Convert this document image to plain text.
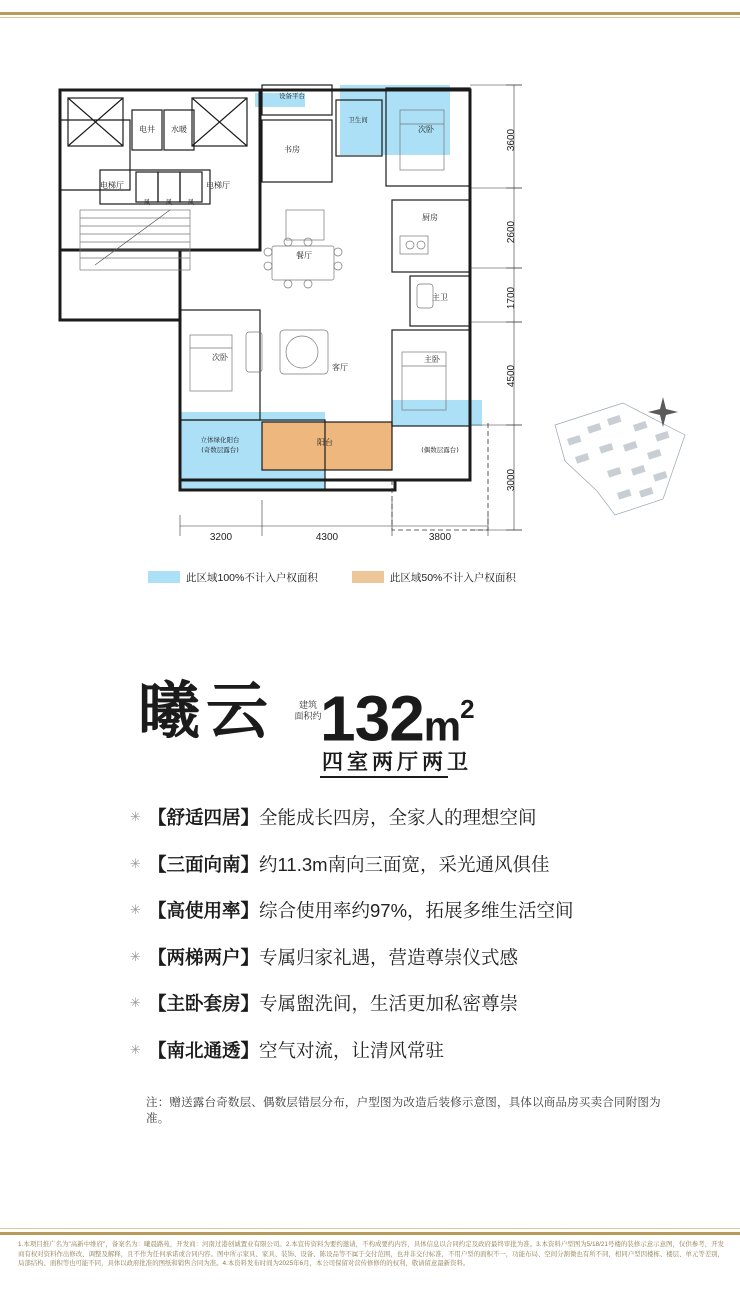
3600
2600
1700
4500
3000
3200	4300	3800
电井 水暖
电梯厅	电梯厅
风 风 风
设备平台
书房
卫生间
次卧
厨房
主卫
餐厅
次卧
客厅
主卧
阳台
立体绿化阳台
(奇数层露台)	(偶数层露台)
此区域100%不计入户权面积	此区域50%不计入户权面积
曦云	建筑
面积约
$132m^2$
四室两厅两卫
✳ 【舒适四居】全能成长四房，全家人的理想空间
✳ 【三面向南】约11.3m南向三面宽，采光通风俱佳
✳ 【高使用率】综合使用率约97%，拓展多维生活空间
✳ 【两梯两户】专属归家礼遇，营造尊崇仪式感
✳ 【主卧套房】专属盥洗间，生活更加私密尊崇
✳ 【南北通透】空气对流，让清风常驻
注：赠送露台奇数层、偶数层错层分布，户型图为改造后装修示意图，具体以商品房买卖合同附图为准。
1.本项目推广名为"高新中维府"，备案名为：曦晨路苑，开发商：河南过港创诚置业有限公司。2.本宣传资料为要约邀请，不构成要约内容，具体信息以合同约定及政府最终审批为准。3.本资料户型图为5/18/21号楼的装修示意示意图，仅供参考，开发商有权对资料作出修改、调整及解释，且不作为任何承诺或合同内容。图中所示家具、家具、装饰、设备、陈设品等不属于交付范围，也并非交付标准，不用户型的面积不一，功能布局、空间分割微也有所不同，相同户型因楼栋、楼层、单元等差别，局部结构、面积等也可能不同，具体以政府批准的图纸和销售合同为准。4.本资料发布时间为2025年6月，本公司保留对营传修修的的权利，敬请留意最新资料。
